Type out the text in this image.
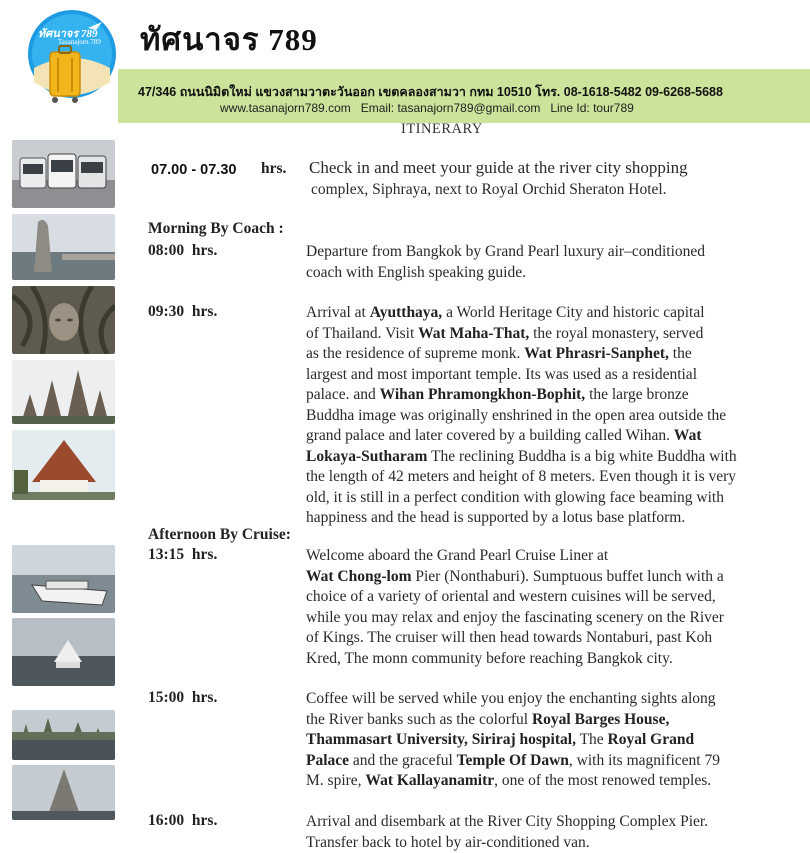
ทัศนาจร 789
Tasanajorn 789 ทัศนาจร 789
47/346 ถนนนิมิตใหม่ แขวงสามวาตะวันออก เขตคลองสามวา กทม 10510 โทร. 08-1618-5482 09-6268-5688
www.tasanajorn789.com Email: tasanajorn789@gmail.com Line Id: tour789
ITINERARY
07.00 - 07.30 hrs. Check in and meet your guide at the river city shopping
complex, Siphraya, next to Royal Orchid Sheraton Hotel.
Morning By Coach :
08:00 hrs.	Departure from Bangkok by Grand Pearl luxury air–conditioned
coach with English speaking guide.
09:30 hrs.	Arrival at Ayutthaya, a World Heritage City and historic capital
of Thailand. Visit Wat Maha-That, the royal monastery, served
as the residence of supreme monk. Wat Phrasri-Sanphet, the
largest and most important temple. Its was used as a residential
palace. and Wihan Phramongkhon-Bophit, the large bronze
Buddha image was originally enshrined in the open area outside the
grand palace and later covered by a building called Wihan. Wat
Lokaya-Sutharam The reclining Buddha is a big white Buddha with
the length of 42 meters and height of 8 meters. Even though it is very
old, it is still in a perfect condition with glowing face beaming with
happiness and the head is supported by a lotus base platform.
Afternoon By Cruise:
13:15 hrs.	Welcome aboard the Grand Pearl Cruise Liner at
Wat Chong-lom Pier (Nonthaburi). Sumptuous buffet lunch with a
choice of a variety of oriental and western cuisines will be served,
while you may relax and enjoy the fascinating scenery on the River
of Kings. The cruiser will then head towards Nontaburi, past Koh
Kred, The monn community before reaching Bangkok city.
15:00 hrs.	Coffee will be served while you enjoy the enchanting sights along
the River banks such as the colorful Royal Barges House,
Thammasart University, Siriraj hospital, The Royal Grand
Palace and the graceful Temple Of Dawn, with its magnificent 79
M. spire, Wat Kallayanamitr, one of the most renowed temples.
16:00 hrs.	Arrival and disembark at the River City Shopping Complex Pier.
Transfer back to hotel by air-conditioned van.
